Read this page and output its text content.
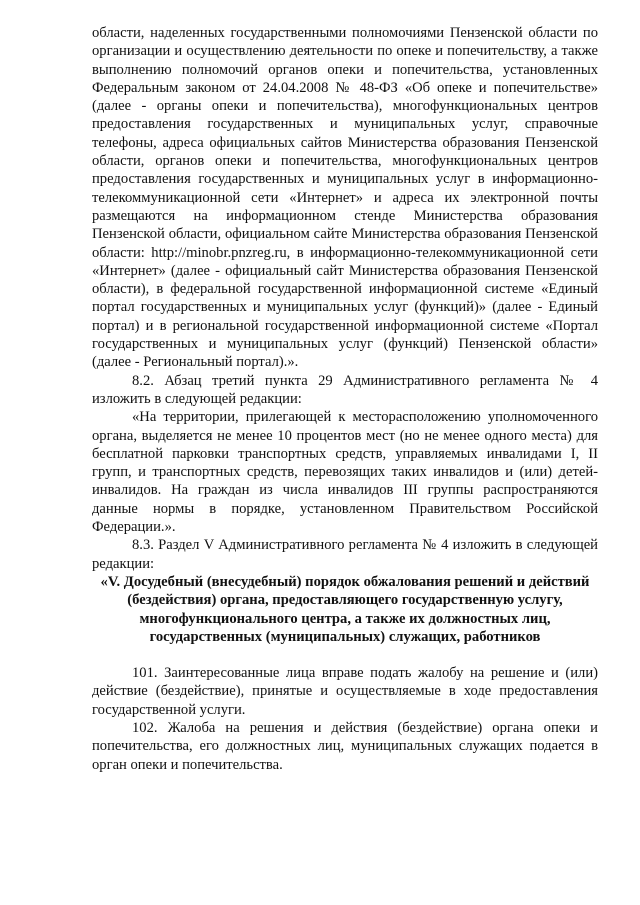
области, наделенных государственными полномочиями Пензенской области по организации и осуществлению деятельности по опеке и попечительству, а также выполнению полномочий органов опеки и попечительства, установленных Федеральным законом от 24.04.2008 № 48-ФЗ «Об опеке и попечительстве» (далее - органы опеки и попечительства), многофункциональных центров предоставления государственных и муниципальных услуг, справочные телефоны, адреса официальных сайтов Министерства образования Пензенской области, органов опеки и попечительства, многофункциональных центров предоставления государственных и муниципальных услуг в информационно-телекоммуникационной сети «Интернет» и адреса их электронной почты размещаются на информационном стенде Министерства образования Пензенской области, официальном сайте Министерства образования Пензенской области: http://minobr.pnzreg.ru, в информационно-телекоммуникационной сети «Интернет» (далее - официальный сайт Министерства образования Пензенской области), в федеральной государственной информационной системе «Единый портал государственных и муниципальных услуг (функций)» (далее - Единый портал) и в региональной государственной информационной системе «Портал государственных и муниципальных услуг (функций) Пензенской области» (далее - Региональный портал).».

8.2. Абзац третий пункта 29 Административного регламента № 4 изложить в следующей редакции:

«На территории, прилегающей к месторасположению уполномоченного органа, выделяется не менее 10 процентов мест (но не менее одного места) для бесплатной парковки транспортных средств, управляемых инвалидами I, II групп, и транспортных средств, перевозящих таких инвалидов и (или) детей-инвалидов. На граждан из числа инвалидов III группы распространяются данные нормы в порядке, установленном Правительством Российской Федерации.».

8.3. Раздел V Административного регламента № 4 изложить в следующей редакции:

«V. Досудебный (внесудебный) порядок обжалования решений и действий (бездействия) органа, предоставляющего государственную услугу, многофункционального центра, а также их должностных лиц, государственных (муниципальных) служащих, работников

101. Заинтересованные лица вправе подать жалобу на решение и (или) действие (бездействие), принятые и осуществляемые в ходе предоставления государственной услуги.

102. Жалоба на решения и действия (бездействие) органа опеки и попечительства, его должностных лиц, муниципальных служащих подается в орган опеки и попечительства.
